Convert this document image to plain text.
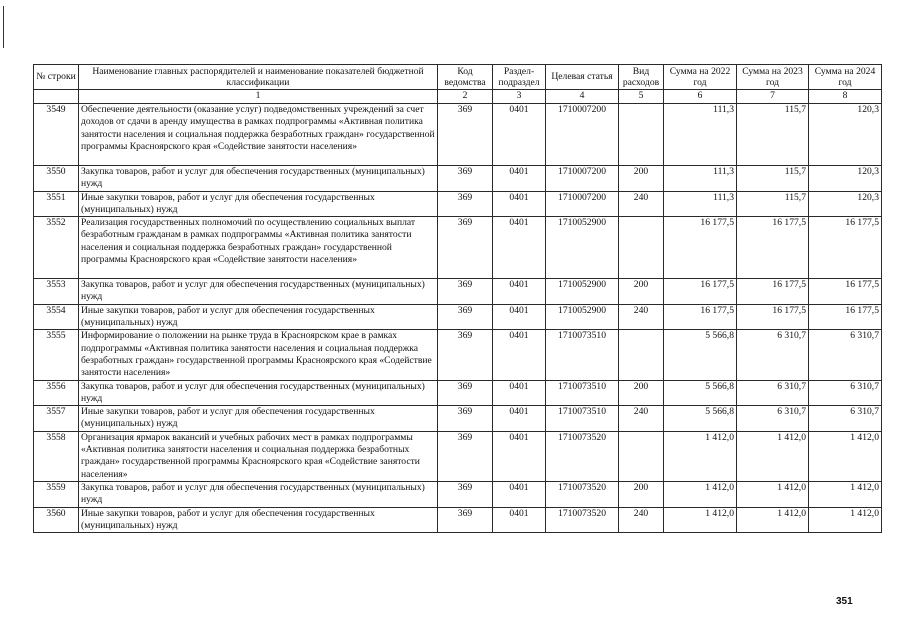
№ строки	Наименование главных распорядителей и наименование показателей бюджетной классификации	Код ведомства	Раздел-подраздел	Целевая статья	Вид расходов	Сумма на 2022 год	Сумма на 2023 год	Сумма на 2024 год
	1	2	3	4	5	6	7	8
3549	Обеспечение деятельности (оказание услуг) подведомственных учреждений за счет доходов от сдачи в аренду имущества в рамках подпрограммы «Активная политика занятости населения и социальная поддержка безработных граждан» государственной программы Красноярского края «Содействие занятости населения»	369	0401	1710007200		111,3	115,7	120,3
3550	Закупка товаров, работ и услуг для обеспечения государственных (муниципальных) нужд	369	0401	1710007200	200	111,3	115,7	120,3
3551	Иные закупки товаров, работ и услуг для обеспечения государственных (муниципальных) нужд	369	0401	1710007200	240	111,3	115,7	120,3
3552	Реализация государственных полномочий по осуществлению социальных выплат безработным гражданам в рамках подпрограммы «Активная политика занятости населения и социальная поддержка безработных граждан» государственной программы Красноярского края «Содействие занятости населения»	369	0401	1710052900		16 177,5	16 177,5	16 177,5
3553	Закупка товаров, работ и услуг для обеспечения государственных (муниципальных) нужд	369	0401	1710052900	200	16 177,5	16 177,5	16 177,5
3554	Иные закупки товаров, работ и услуг для обеспечения государственных (муниципальных) нужд	369	0401	1710052900	240	16 177,5	16 177,5	16 177,5
3555	Информирование о положении на рынке труда в Красноярском крае в рамках подпрограммы «Активная политика занятости населения и социальная поддержка безработных граждан» государственной программы Красноярского края «Содействие занятости населения»	369	0401	1710073510		5 566,8	6 310,7	6 310,7
3556	Закупка товаров, работ и услуг для обеспечения государственных (муниципальных) нужд	369	0401	1710073510	200	5 566,8	6 310,7	6 310,7
3557	Иные закупки товаров, работ и услуг для обеспечения государственных (муниципальных) нужд	369	0401	1710073510	240	5 566,8	6 310,7	6 310,7
3558	Организация ярмарок вакансий и учебных рабочих мест в рамках подпрограммы «Активная политика занятости населения и социальная поддержка безработных граждан» государственной программы Красноярского края «Содействие занятости населения»	369	0401	1710073520		1 412,0	1 412,0	1 412,0
3559	Закупка товаров, работ и услуг для обеспечения государственных (муниципальных) нужд	369	0401	1710073520	200	1 412,0	1 412,0	1 412,0
3560	Иные закупки товаров, работ и услуг для обеспечения государственных (муниципальных) нужд	369	0401	1710073520	240	1 412,0	1 412,0	1 412,0
351
